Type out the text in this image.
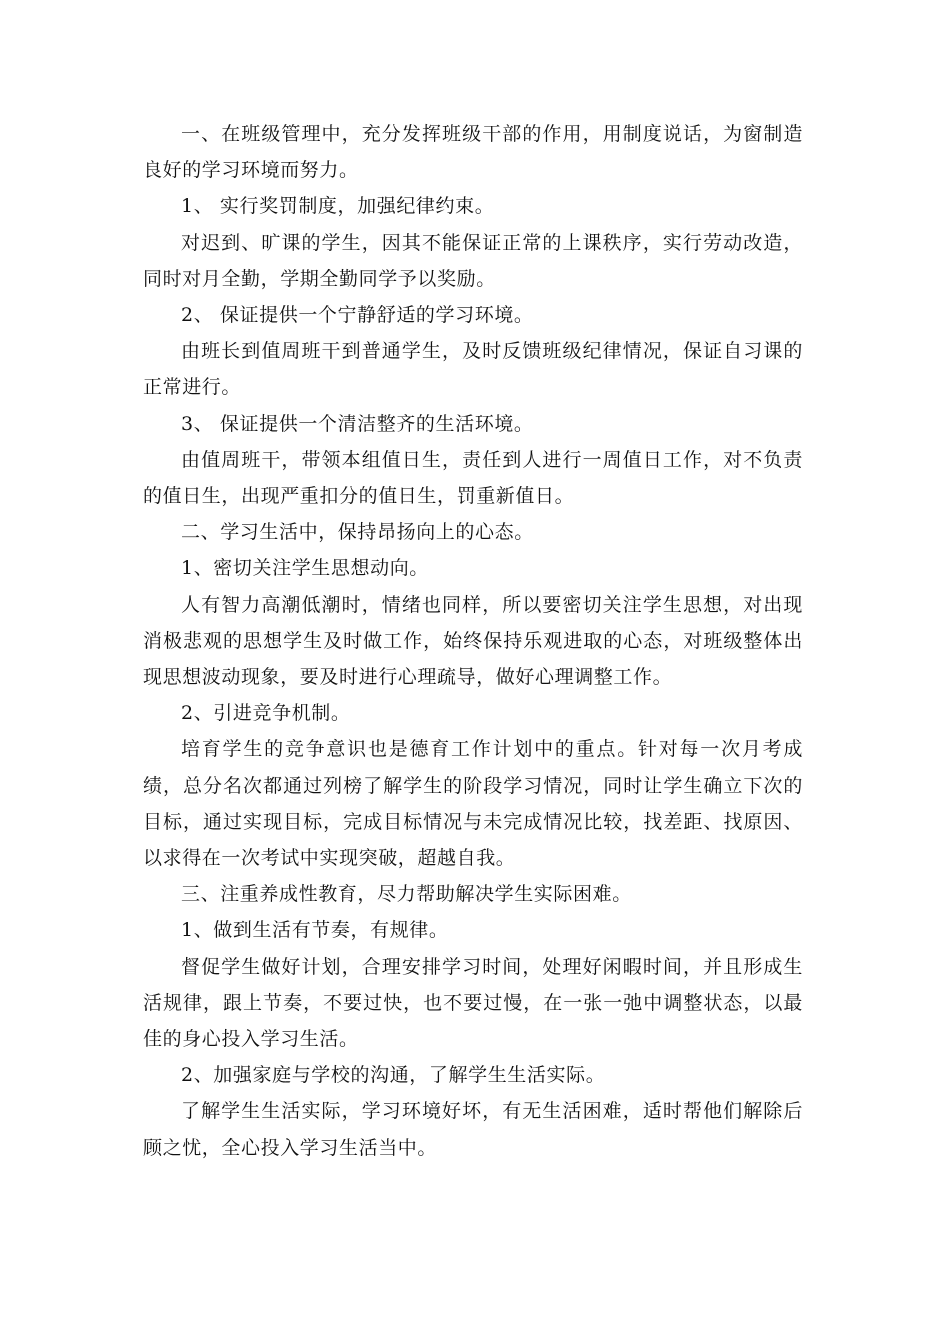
一、在班级管理中，充分发挥班级干部的作用，用制度说话，为窗制造良好的学习环境而努力。

1、 实行奖罚制度，加强纪律约束。

对迟到、旷课的学生，因其不能保证正常的上课秩序，实行劳动改造，同时对月全勤，学期全勤同学予以奖励。

2、 保证提供一个宁静舒适的学习环境。

由班长到值周班干到普通学生，及时反馈班级纪律情况，保证自习课的正常进行。

3、 保证提供一个清洁整齐的生活环境。

由值周班干，带领本组值日生，责任到人进行一周值日工作，对不负责的值日生，出现严重扣分的值日生，罚重新值日。

二、学习生活中，保持昂扬向上的心态。

1、密切关注学生思想动向。

人有智力高潮低潮时，情绪也同样，所以要密切关注学生思想，对出现消极悲观的思想学生及时做工作，始终保持乐观进取的心态，对班级整体出现思想波动现象，要及时进行心理疏导，做好心理调整工作。

2、引进竞争机制。

培育学生的竞争意识也是德育工作计划中的重点。针对每一次月考成绩，总分名次都通过列榜了解学生的阶段学习情况，同时让学生确立下次的目标，通过实现目标，完成目标情况与未完成情况比较，找差距、找原因、以求得在一次考试中实现突破，超越自我。

三、注重养成性教育，尽力帮助解决学生实际困难。

1、做到生活有节奏，有规律。

督促学生做好计划，合理安排学习时间，处理好闲暇时间，并且形成生活规律，跟上节奏，不要过快，也不要过慢，在一张一弛中调整状态，以最佳的身心投入学习生活。

2、加强家庭与学校的沟通，了解学生生活实际。

了解学生生活实际，学习环境好坏，有无生活困难，适时帮他们解除后顾之忧，全心投入学习生活当中。
